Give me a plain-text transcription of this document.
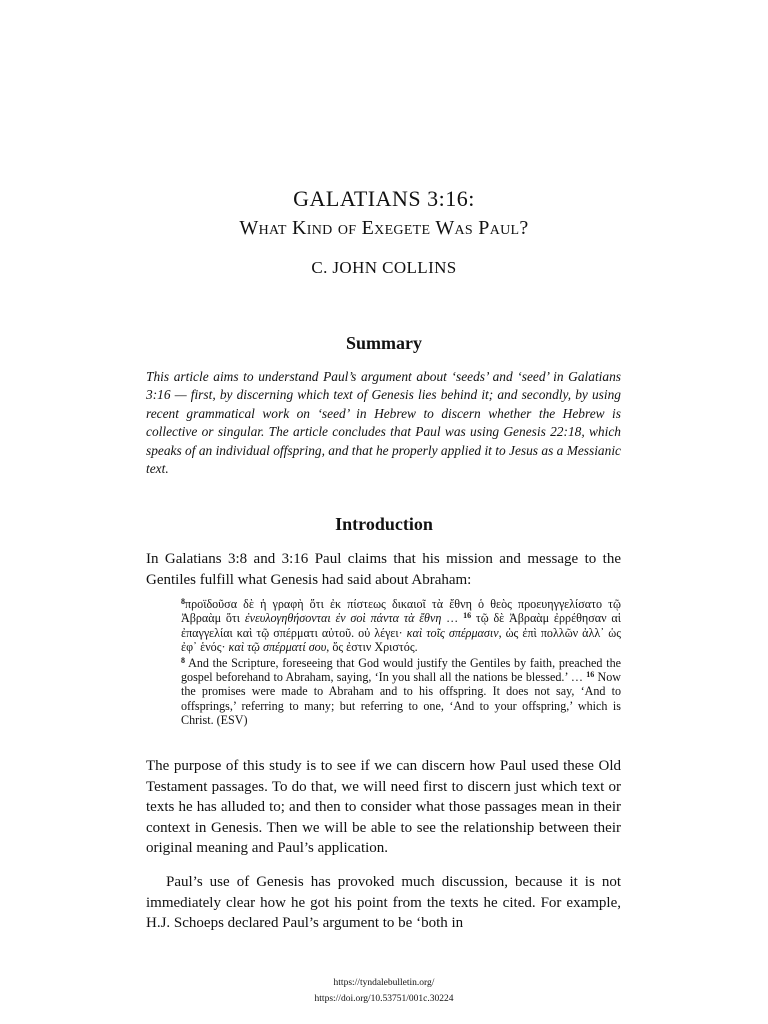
GALATIANS 3:16:
What Kind of Exegete Was Paul?
C. JOHN COLLINS
Summary
This article aims to understand Paul’s argument about ‘seeds’ and ‘seed’ in Galatians 3:16 — first, by discerning which text of Genesis lies behind it; and secondly, by using recent grammatical work on ‘seed’ in Hebrew to discern whether the Hebrew is collective or singular. The article concludes that Paul was using Genesis 22:18, which speaks of an individual offspring, and that he properly applied it to Jesus as a Messianic text.
Introduction
In Galatians 3:8 and 3:16 Paul claims that his mission and message to the Gentiles fulfill what Genesis had said about Abraham:

$^8$προϊδοῦσα δὲ ἡ γραφὴ ὅτι ἐκ πίστεως δικαιοῖ τὰ ἔθνη ὁ θεὸς προευηγγελίσατο τῷ Ἀβραὰμ ὅτι ἐνευλογηθήσονται ἐν σοὶ πάντα τὰ ἔθνη … $^{16}$ τῷ δὲ Ἀβραὰμ ἐρρέθησαν αἱ ἐπαγγελίαι καὶ τῷ σπέρματι αὐτοῦ. οὐ λέγει· καὶ τοῖς σπέρμασιν, ὡς ἐπὶ πολλῶν ἀλλ᾽ ὡς ἐφ᾽ ἑνός· καὶ τῷ σπέρματί σου, ὅς ἐστιν Χριστός.

$^8$ And the Scripture, foreseeing that God would justify the Gentiles by faith, preached the gospel beforehand to Abraham, saying, ‘In you shall all the nations be blessed.’ … $^{16}$ Now the promises were made to Abraham and to his offspring. It does not say, ‘And to offsprings,’ referring to many; but referring to one, ‘And to your offspring,’ which is Christ. (ESV)

The purpose of this study is to see if we can discern how Paul used these Old Testament passages. To do that, we will need first to discern just which text or texts he has alluded to; and then to consider what those passages mean in their context in Genesis. Then we will be able to see the relationship between their original meaning and Paul’s application.
Paul’s use of Genesis has provoked much discussion, because it is not immediately clear how he got his point from the texts he cited. For example, H.J. Schoeps declared Paul’s argument to be ‘both in
https://tyndalebulletin.org/
https://doi.org/10.53751/001c.30224
